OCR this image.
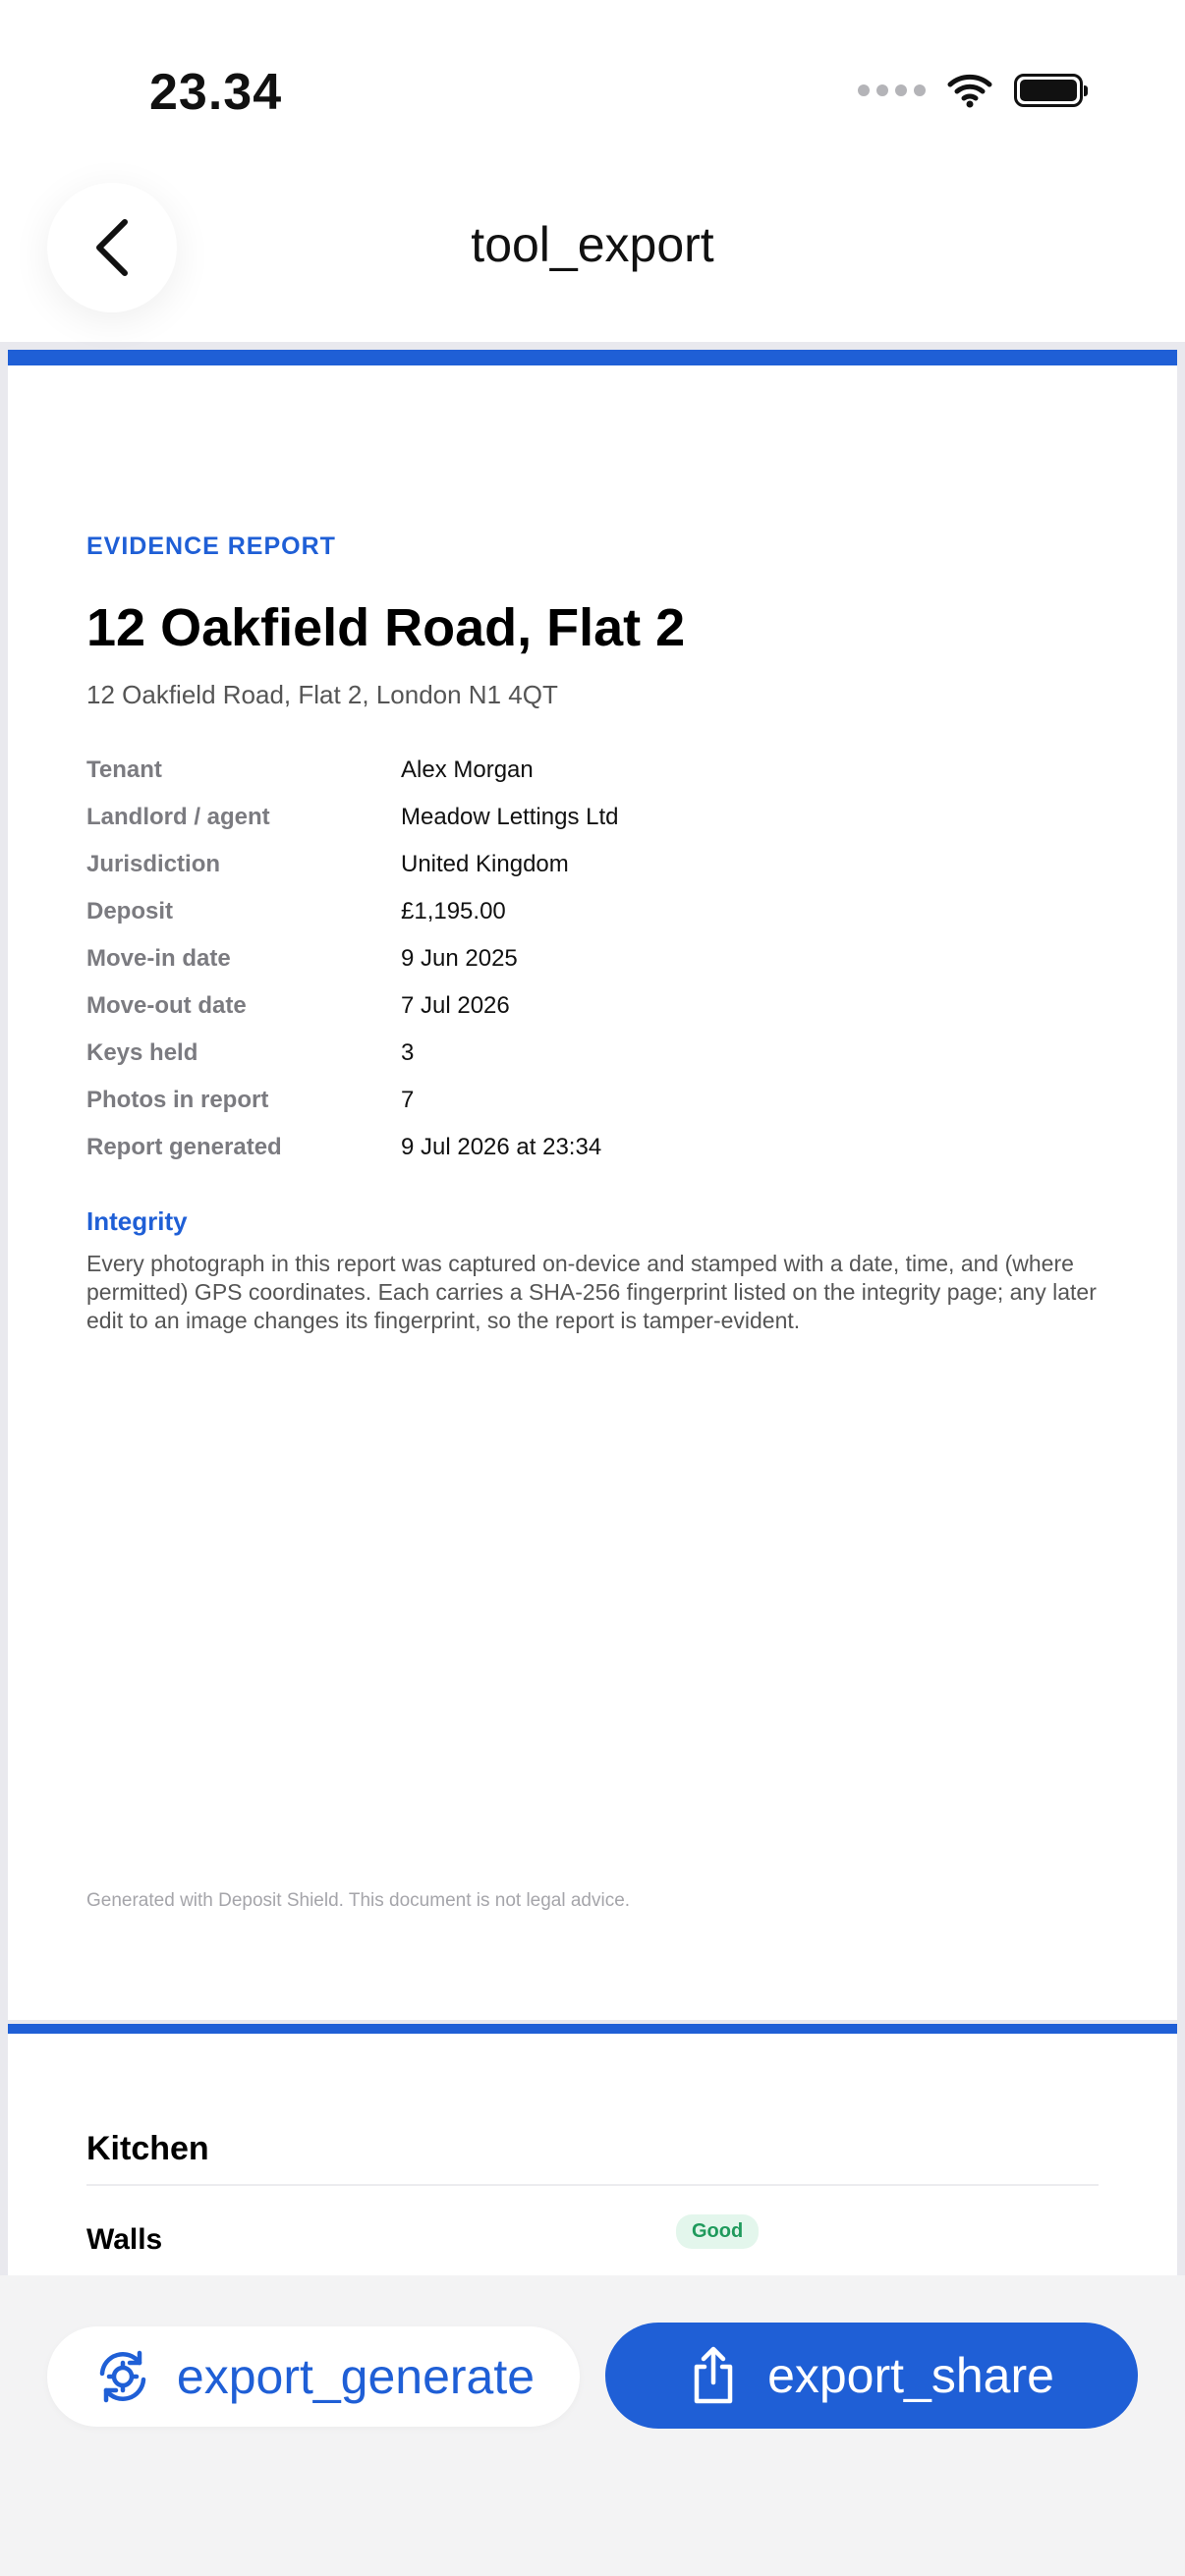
23.34
tool_export
EVIDENCE REPORT
12 Oakfield Road, Flat 2
12 Oakfield Road, Flat 2, London N1 4QT
Tenant	Alex Morgan
Landlord / agent	Meadow Lettings Ltd
Jurisdiction	United Kingdom
Deposit	£1,195.00
Move-in date	9 Jun 2025
Move-out date	7 Jul 2026
Keys held	3
Photos in report	7
Report generated	9 Jul 2026 at 23:34
Integrity

Every photograph in this report was captured on-device and stamped with a date, time, and (where permitted) GPS coordinates. Each carries a SHA-256 fingerprint listed on the integrity page; any later edit to an image changes its fingerprint, so the report is tamper-evident.

Generated with Deposit Shield. This document is not legal advice.
Kitchen
Walls	Good
export_generate	export_share
